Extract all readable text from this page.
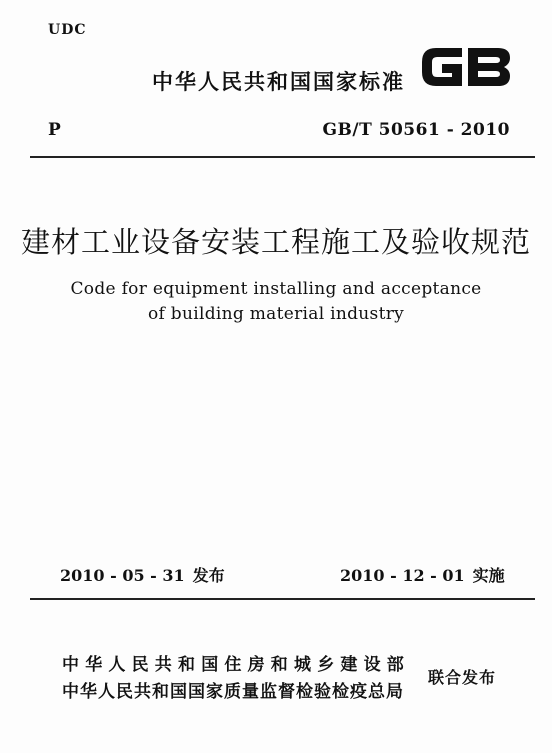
UDC
中华人民共和国国家标准
P	GB/T 50561 - 2010
建材工业设备安装工程施工及验收规范
Code for equipment installing and acceptance
of building material industry
2010 - 05 - 31 发布	2010 - 12 - 01 实施
中华人民共和国住房和城乡建设部
中华人民共和国国家质量监督检验检疫总局
联合发布
